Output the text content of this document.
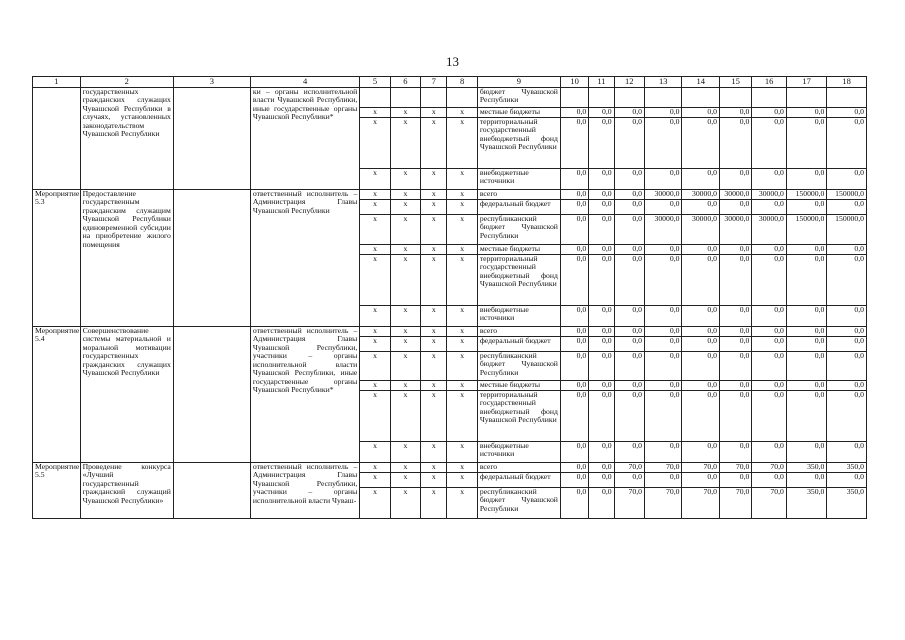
13
1	2	3	4	5	6	7	8	9	10	11	12	13	14	15	16	17	18
	государственных гражданских служащих Чувашской Республики в случаях, установленных законодательством Чувашской Республики		ки – органы исполнительной власти Чувашской Республики, иные государственные органы Чувашской Республики*					бюджет Чувашской Республики									
				х	х	х	х	местные бюджеты	0,0	0,0	0,0	0,0	0,0	0,0	0,0	0,0	0,0
				х	х	х	х	территориальный государственный внебюджетный фонд Чувашской Республики	0,0	0,0	0,0	0,0	0,0	0,0	0,0	0,0	0,0
				х	х	х	х	внебюджетные источники	0,0	0,0	0,0	0,0	0,0	0,0	0,0	0,0	0,0
Мероприятие 5.3	Предоставление государственным гражданским служащим Чувашской Республики единовременной субсидии на приобретение жилого помещения		ответственный исполнитель – Администрация Главы Чувашской Республики	х	х	х	х	всего	0,0	0,0	0,0	30000,0	30000,0	30000,0	30000,0	150000,0	150000,0
				х	х	х	х	федеральный бюджет	0,0	0,0	0,0	0,0	0,0	0,0	0,0	0,0	0,0
				х	х	х	х	республиканский бюджет Чувашской Республики	0,0	0,0	0,0	30000,0	30000,0	30000,0	30000,0	150000,0	150000,0
				х	х	х	х	местные бюджеты	0,0	0,0	0,0	0,0	0,0	0,0	0,0	0,0	0,0
				х	х	х	х	территориальный государственный внебюджетный фонд Чувашской Республики	0,0	0,0	0,0	0,0	0,0	0,0	0,0	0,0	0,0
				х	х	х	х	внебюджетные источники	0,0	0,0	0,0	0,0	0,0	0,0	0,0	0,0	0,0
Мероприятие 5.4	Совершенствование системы материальной и моральной мотивации государственных гражданских служащих Чувашской Республики		ответственный исполнитель – Администрация Главы Чувашской Республики, участники – органы исполнительной власти Чувашской Республики, иные государственные органы Чувашской Республики*	х	х	х	х	всего	0,0	0,0	0,0	0,0	0,0	0,0	0,0	0,0	0,0
				х	х	х	х	федеральный бюджет	0,0	0,0	0,0	0,0	0,0	0,0	0,0	0,0	0,0
				х	х	х	х	республиканский бюджет Чувашской Республики	0,0	0,0	0,0	0,0	0,0	0,0	0,0	0,0	0,0
				х	х	х	х	местные бюджеты	0,0	0,0	0,0	0,0	0,0	0,0	0,0	0,0	0,0
				х	х	х	х	территориальный государственный внебюджетный фонд Чувашской Республики	0,0	0,0	0,0	0,0	0,0	0,0	0,0	0,0	0,0
				х	х	х	х	внебюджетные источники	0,0	0,0	0,0	0,0	0,0	0,0	0,0	0,0	0,0
Мероприятие 5.5	Проведение конкурса «Лучший государственный гражданский служащий Чувашской Республики»		ответственный исполнитель – Администрация Главы Чувашской Республики, участники – органы исполнительной власти Чуваш-	х	х	х	х	всего	0,0	0,0	70,0	70,0	70,0	70,0	70,0	350,0	350,0
				х	х	х	х	федеральный бюджет	0,0	0,0	0,0	0,0	0,0	0,0	0,0	0,0	0,0
				х	х	х	х	республиканский бюджет Чувашской Республики	0,0	0,0	70,0	70,0	70,0	70,0	70,0	350,0	350,0
